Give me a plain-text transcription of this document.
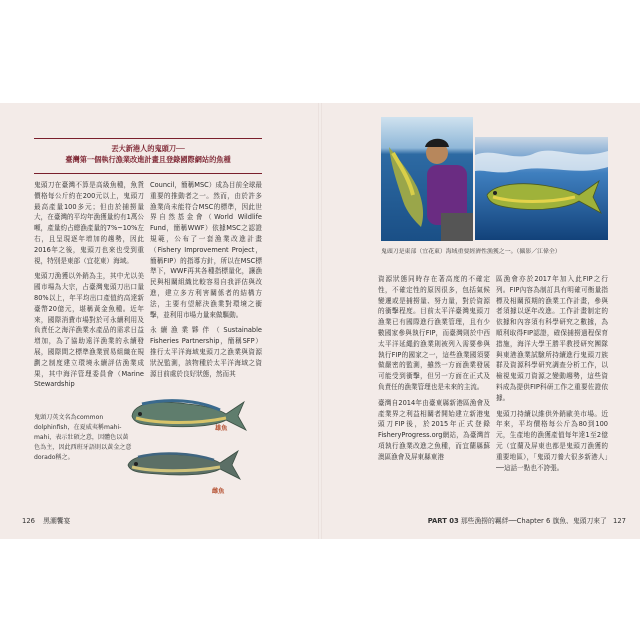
丟大新港人的鬼頭刀──
臺灣第一個執行漁業改進計畫且登錄國際網站的魚種

鬼頭刀在臺灣不算是高級魚種，魚貨價格每公斤約在200元以上，鬼頭刀最高產量100多元；但由於捕撈量大，在臺灣的平均年漁獲量約有1萬公噸，產量約占總漁產量的7%~10%左右，且呈現逐年增加的趨勢，因此2016年之後，鬼頭刀也來也受到重視，特別是東部（宜花東）海域。

鬼頭刀漁獲以外銷為主，其中尤以美國市場為大宗，占臺灣鬼頭刀出口量80%以上，年平均出口產值約高達新臺幣20億元，堪稱黃金魚種。近年來，國際消費市場對於可永續利用及負責任之海洋漁業水產品的需求日益增加，為了協助遠洋漁業的永續發展，國際間之標準漁業貿易組織在規劃之制度建立環境永續評估漁業成果，其中海洋管理委員會（Marine Stewardship

Council，簡稱MSC）成為目前全球最重要的推動者之一。然而，由於許多漁業尚未能符合MSC的標準，因此世界自然基金會（World Wildlife Fund，簡稱WWF）依據MSC之認證規範，公布了一套漁業改進計畫（Fishery Improvement Project，簡稱FIP）的指導方針，所以在MSC標準下，WWF再其各種指標量化，讓漁民與相關組織比較容易自我評估與改進，建立多方利害關係者的結構方法，主要有望解決漁業對環境之衝擊，並利用市場力量來做驅動。

永續漁業夥伴（Sustainable Fisheries Partnership，簡稱SFP）推行太平洋海域鬼頭刀之漁業與資源狀況監測，該物種於太平洋海域之資源目前處於良好狀態，然而其

鬼頭刀英文名為common dolphinfish，在夏威夷稱mahi-mahi，表示壯碩之意，因體色以黃色為主，因此西班牙語則以黃金之意dorado稱之。
雄魚
雌魚
126 黑潮饗宴

資源狀態同時存在著高度的不確定性，不確定性的原因很多，包括氣候變遷或是捕撈量、努力量，對於資源的衝擊程度。目前太平洋臺灣鬼頭刀漁業已有國際進行漁業管理，且有少數國家參與執行FIP，而臺灣則於中西太平洋延繩釣漁業則被列入需要參與執行FIP的國家之一，這些漁業國須要做嚴密的監測，雖然一方面漁業發展可能受到衝擊，但另一方面在正式及負責任的漁業管理也是未來的主流。

臺灣自2014年由臺東縣新港區漁會及產業界之利益相關者開始建立新港鬼頭刀FIP後，於2015年正式登錄FisheryProgress.org網站，為臺灣首項執行漁業改進之魚種，而宜蘭縣蘇澳區漁會及屏東縣東港

區漁會亦於2017年加入此FIP之行列。FIP內容為制訂具有明確可衡量指標及相關預期的漁業工作計畫，參與者須據以逐年改進。工作計畫制定的依據和內容須有科學研究之數據，為順利取得FIP認證，確保捕撈過程保育措施，海洋大學王勝平教授研究團隊與東港漁業試驗所持續進行鬼頭刀族群及資源科學研究調查分析工作，以檢視鬼頭刀資源之變動趨勢，這些資料成為提供FIP科研工作之重要佐證依據。

鬼頭刀持續以維供外銷歐美市場。近年來，平均價格每公斤為80到100元，生產地的漁獲產值每年達1至2億元（宜蘭及屏東也都是鬼頭刀漁獲的重要地區），「鬼頭刀養大很多新港人」──這話一點也不誇張。

PART 03 那些漁撈的羈絆──Chapter 6 旗魚、鬼頭刀來了 127
鬼頭刀是東部（宜花東）海域重要經濟性漁獲之一。（攝影／江偉全）
